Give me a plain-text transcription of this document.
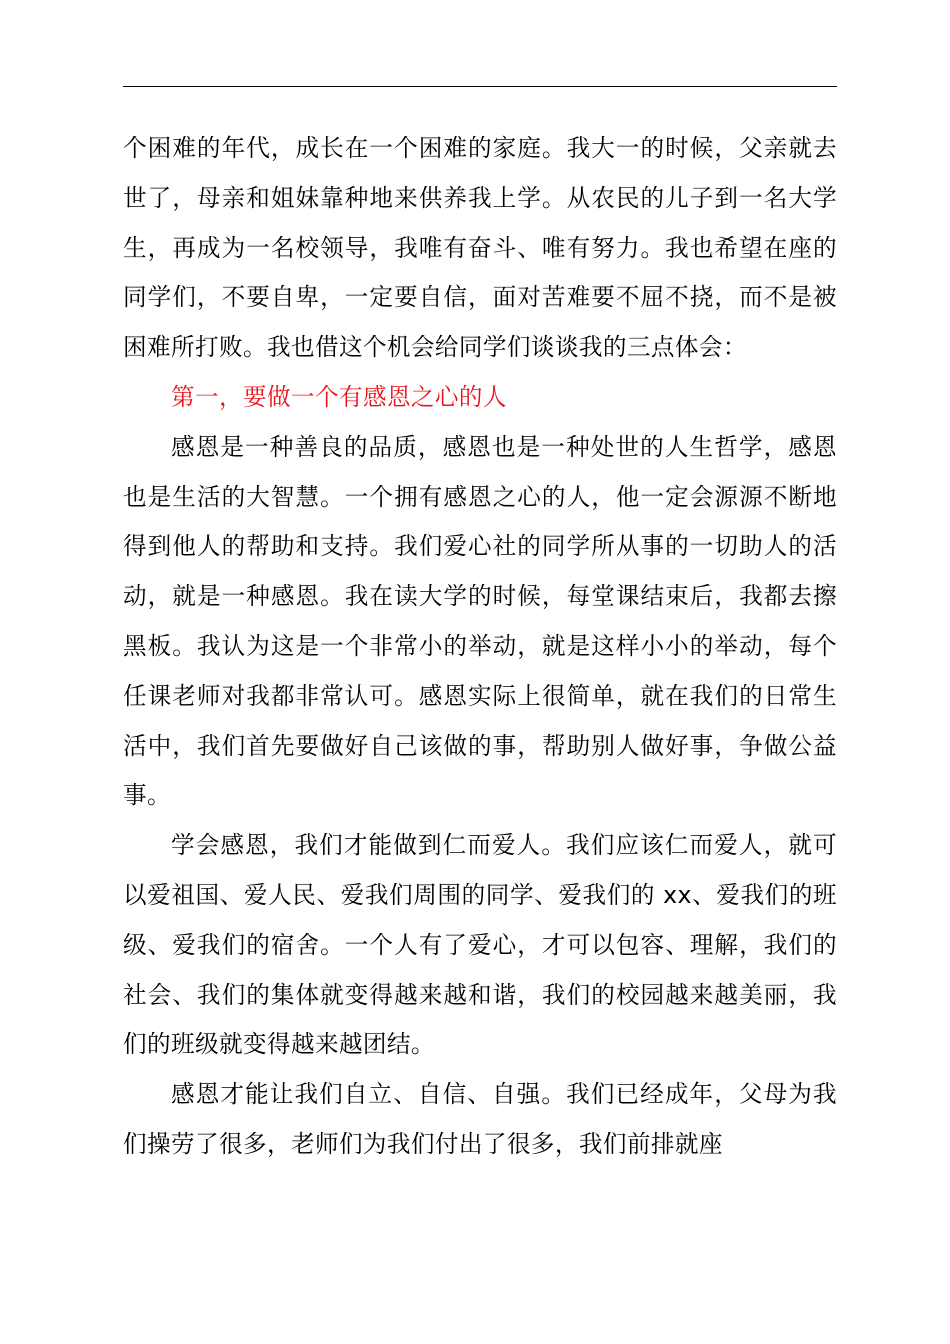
个困难的年代，成长在一个困难的家庭。我大一的时候，父亲就去世了，母亲和姐妹靠种地来供养我上学。从农民的儿子到一名大学生，再成为一名校领导，我唯有奋斗、唯有努力。我也希望在座的同学们，不要自卑，一定要自信，面对苦难要不屈不挠，而不是被困难所打败。我也借这个机会给同学们谈谈我的三点体会：

第一，要做一个有感恩之心的人

感恩是一种善良的品质，感恩也是一种处世的人生哲学，感恩也是生活的大智慧。一个拥有感恩之心的人，他一定会源源不断地得到他人的帮助和支持。我们爱心社的同学所从事的一切助人的活动，就是一种感恩。我在读大学的时候，每堂课结束后，我都去擦黑板。我认为这是一个非常小的举动，就是这样小小的举动，每个任课老师对我都非常认可。感恩实际上很简单，就在我们的日常生活中，我们首先要做好自己该做的事，帮助别人做好事，争做公益事。

学会感恩，我们才能做到仁而爱人。我们应该仁而爱人，就可以爱祖国、爱人民、爱我们周围的同学、爱我们的 xx、爱我们的班级、爱我们的宿舍。一个人有了爱心，才可以包容、理解，我们的社会、我们的集体就变得越来越和谐，我们的校园越来越美丽，我们的班级就变得越来越团结。

感恩才能让我们自立、自信、自强。我们已经成年，父母为我们操劳了很多，老师们为我们付出了很多，我们前排就座
